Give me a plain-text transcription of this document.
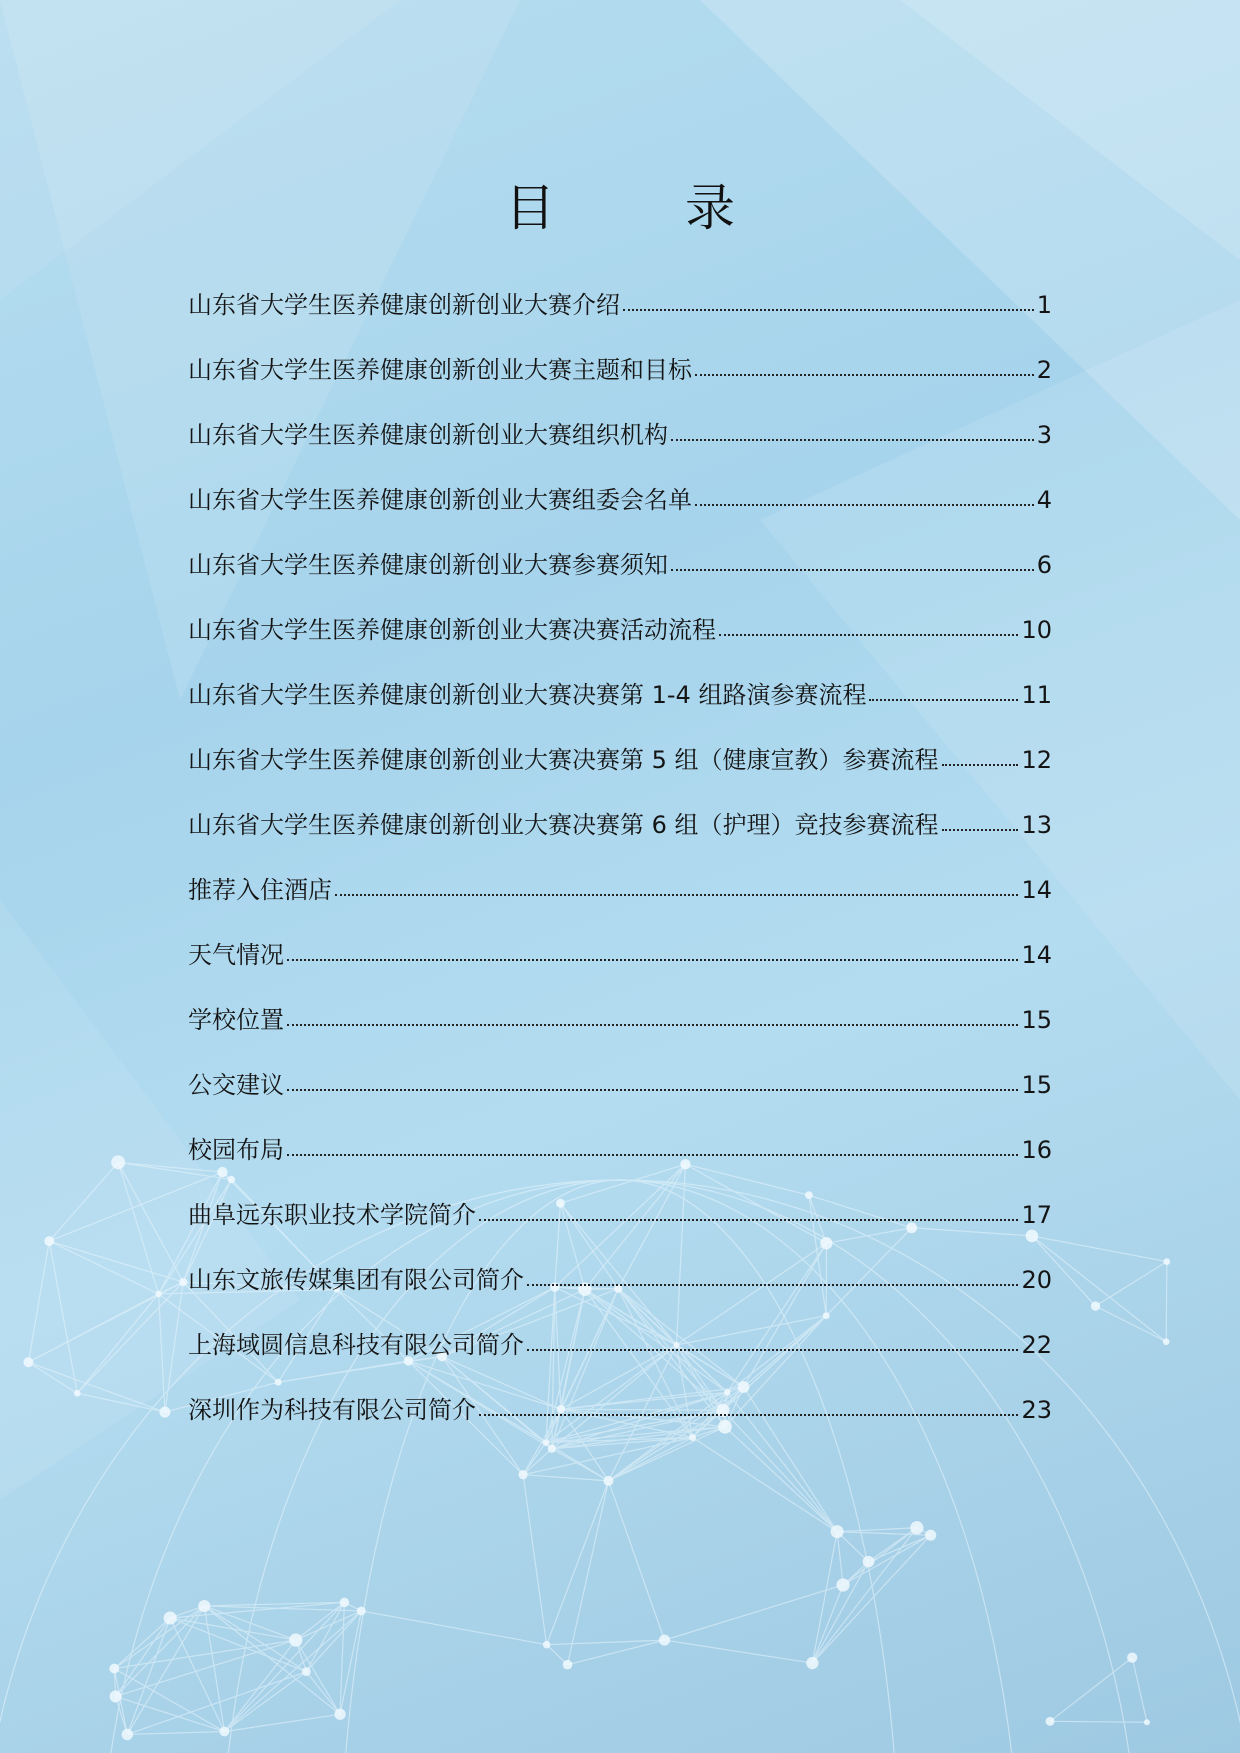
目　录
山东省大学生医养健康创新创业大赛介绍	1
山东省大学生医养健康创新创业大赛主题和目标	2
山东省大学生医养健康创新创业大赛组织机构	3
山东省大学生医养健康创新创业大赛组委会名单	4
山东省大学生医养健康创新创业大赛参赛须知	6
山东省大学生医养健康创新创业大赛决赛活动流程	10
山东省大学生医养健康创新创业大赛决赛第 1-4 组路演参赛流程	11
山东省大学生医养健康创新创业大赛决赛第 5 组（健康宣教）参赛流程	12
山东省大学生医养健康创新创业大赛决赛第 6 组（护理）竞技参赛流程	13
推荐入住酒店	14
天气情况	14
学校位置	15
公交建议	15
校园布局	16
曲阜远东职业技术学院简介	17
山东文旅传媒集团有限公司简介	20
上海域圆信息科技有限公司简介	22
深圳作为科技有限公司简介	23
